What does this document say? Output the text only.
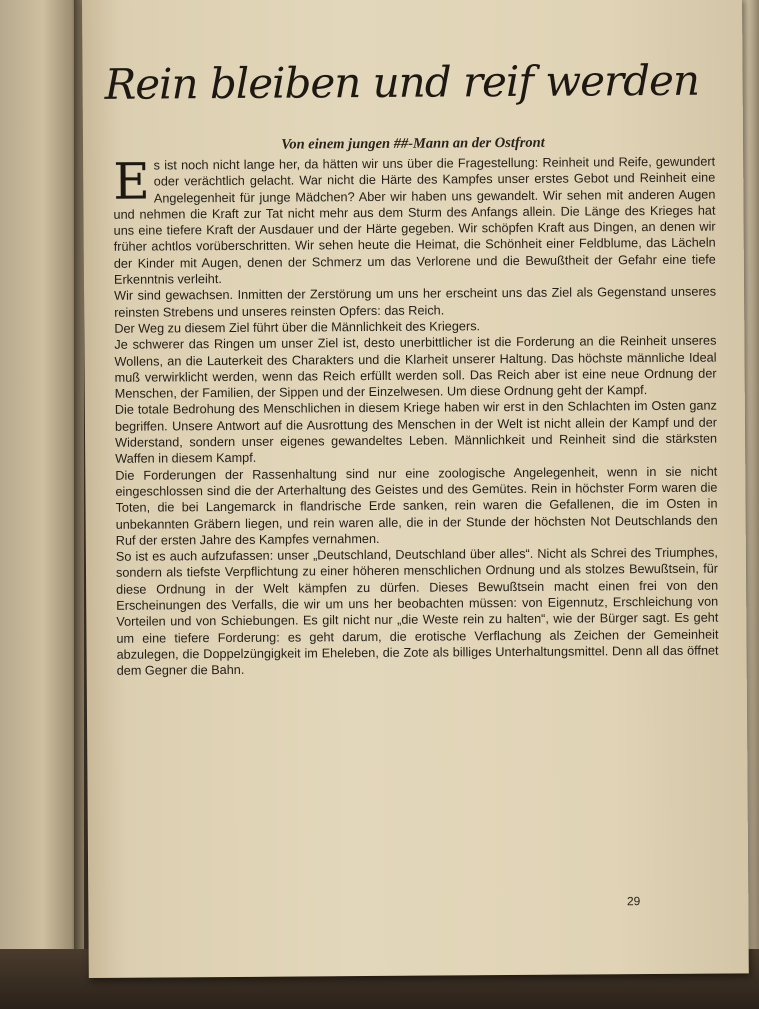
Rein bleiben und reif werden
Von einem jungen ##-Mann an der Ostfront

Es ist noch nicht lange her, da hätten wir uns über die Fragestellung: Reinheit und Reife, gewundert oder verächtlich gelacht. War nicht die Härte des Kampfes unser erstes Gebot und Reinheit eine Angelegenheit für junge Mädchen? Aber wir haben uns gewandelt. Wir sehen mit anderen Augen und nehmen die Kraft zur Tat nicht mehr aus dem Sturm des Anfangs allein. Die Länge des Krieges hat uns eine tiefere Kraft der Ausdauer und der Härte gegeben. Wir schöpfen Kraft aus Dingen, an denen wir früher achtlos vorüberschritten. Wir sehen heute die Heimat, die Schönheit einer Feldblume, das Lächeln der Kinder mit Augen, denen der Schmerz um das Verlorene und die Bewußtheit der Gefahr eine tiefe Erkenntnis verleiht.

Wir sind gewachsen. Inmitten der Zerstörung um uns her erscheint uns das Ziel als Gegenstand unseres reinsten Strebens und unseres reinsten Opfers: das Reich.

Der Weg zu diesem Ziel führt über die Männlichkeit des Kriegers.

Je schwerer das Ringen um unser Ziel ist, desto unerbittlicher ist die Forderung an die Reinheit unseres Wollens, an die Lauterkeit des Charakters und die Klarheit unserer Haltung. Das höchste männliche Ideal muß verwirklicht werden, wenn das Reich erfüllt werden soll. Das Reich aber ist eine neue Ordnung der Menschen, der Familien, der Sippen und der Einzelwesen. Um diese Ordnung geht der Kampf.

Die totale Bedrohung des Menschlichen in diesem Kriege haben wir erst in den Schlachten im Osten ganz begriffen. Unsere Antwort auf die Ausrottung des Menschen in der Welt ist nicht allein der Kampf und der Widerstand, sondern unser eigenes gewandeltes Leben. Männlichkeit und Reinheit sind die stärksten Waffen in diesem Kampf.

Die Forderungen der Rassenhaltung sind nur eine zoologische Angelegenheit, wenn in sie nicht eingeschlossen sind die der Arterhaltung des Geistes und des Gemütes. Rein in höchster Form waren die Toten, die bei Langemarck in flandrische Erde sanken, rein waren die Gefallenen, die im Osten in unbekannten Gräbern liegen, und rein waren alle, die in der Stunde der höchsten Not Deutschlands den Ruf der ersten Jahre des Kampfes vernahmen.

So ist es auch aufzufassen: unser „Deutschland, Deutschland über alles“. Nicht als Schrei des Triumphes, sondern als tiefste Verpflichtung zu einer höheren menschlichen Ordnung und als stolzes Bewußtsein, für diese Ordnung in der Welt kämpfen zu dürfen. Dieses Bewußtsein macht einen frei von den Erscheinungen des Verfalls, die wir um uns her beobachten müssen: von Eigennutz, Erschleichung von Vorteilen und von Schiebungen. Es gilt nicht nur „die Weste rein zu halten“, wie der Bürger sagt. Es geht um eine tiefere Forderung: es geht darum, die erotische Verflachung als Zeichen der Gemeinheit abzulegen, die Doppelzüngigkeit im Eheleben, die Zote als billiges Unterhaltungsmittel. Denn all das öffnet dem Gegner die Bahn.

29
